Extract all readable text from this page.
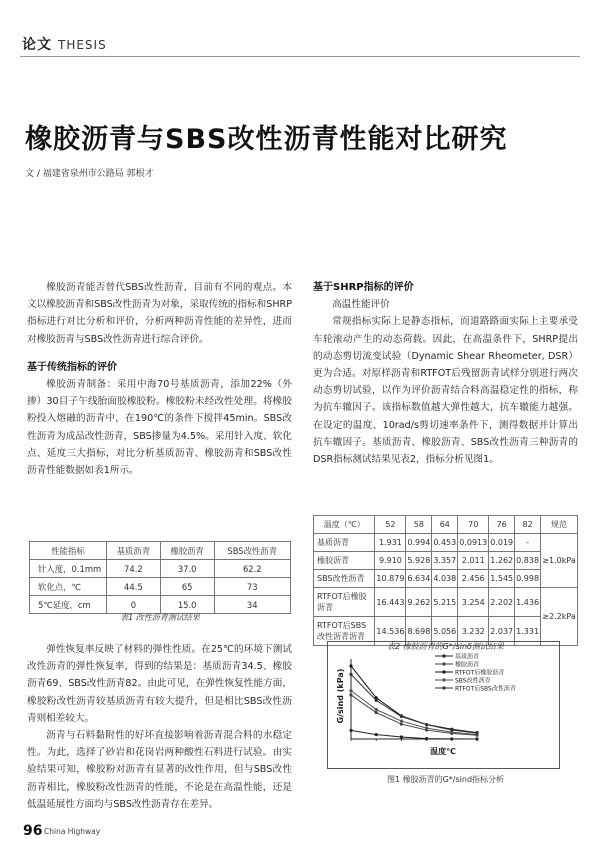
论文 THESIS
橡胶沥青与SBS改性沥青性能对比研究
文 / 福建省泉州市公路局 郭根才

橡胶沥青能否替代SBS改性沥青，目前有不同的观点。本文以橡胶沥青和SBS改性沥青为对象，采取传统的指标和SHRP指标进行对比分析和评价，分析两种沥青性能的差异性，进而对橡胶沥青与SBS改性沥青进行综合评价。

基于传统指标的评价

橡胶沥青制备：采用中海70号基质沥青，添加22%（外掺）30目子午线胎面胶橡胶粉。橡胶粉未经改性处理。将橡胶粉投入熔融的沥青中，在190℃的条件下搅拌45min。SBS改性沥青为成品改性沥青，SBS掺量为4.5%。采用针入度、软化点、延度三大指标，对比分析基质沥青、橡胶沥青和SBS改性沥青性能数据如表1所示。

性能指标	基质沥青	橡胶沥青	SBS改性沥青
针入度，0.1mm	74.2	37.0	62.2
软化点，℃	44.5	65	73
5℃延度，cm	0	15.0	34
表1 改性沥青测试结果

弹性恢复率反映了材料的弹性性质。在25℃的环境下测试改性沥青的弹性恢复率，得到的结果是：基质沥青34.5、橡胶沥青69、SBS改性沥青82。由此可见，在弹性恢复性能方面，橡胶粉改性沥青较基质沥青有较大提升，但是相比SBS改性沥青则相差较大。

沥青与石料黏附性的好坏直接影响着沥青混合料的水稳定性。为此，选择了砂岩和花岗岩两种酸性石料进行试验。由实验结果可知，橡胶粉对沥青有显著的改性作用，但与SBS改性沥青相比，橡胶粉改性沥青的性能，不论是在高温性能，还是低温延展性方面均与SBS改性沥青存在差异。

基于SHRP指标的评价
高温性能评价

常规指标实际上是静态指标，而道路路面实际上主要承受车轮滚动产生的动态荷载。因此，在高温条件下，SHRP提出的动态剪切流变试验（Dynamic Shear Rheometer, DSR）更为合适。对原样沥青和RTFOT后残留沥青试样分别进行两次动态剪切试验，以作为评价沥青结合料高温稳定性的指标，称为抗车辙因子。该指标数值越大弹性越大，抗车辙能力越强。在设定的温度、10rad/s剪切速率条件下，测得数据并计算出抗车辙因子。基质沥青、橡胶沥青、SBS改性沥青三种沥青的DSR指标测试结果见表2，指标分析见图1。

温度（℃）	52	58	64	70	76	82	规范
基质沥青	1.931	0.994	0.453	0.0913	0.019	-	≥1.0kPa
橡胶沥青	9.910	5.928	3.357	2.011	1.262	0.838	
SBS改性沥青	10.879	6.634	4.038	2.456	1.545	0.998	
RTFOT后橡胶沥青	16.443	9.262	5.215	3.254	2.202	1.436	≥2.2kPa
RTFOT后SBS改性沥青沥青	14.536	8.698	5.056	3.232	2.037	1.331	
表2 橡胶沥青的G*/sinδ测试结果
基质沥青
橡胶沥青
RTFOT后橡胶沥青
SBS改性沥青
RTFOT后SBS改性沥青
G/sind (kPa)
温度℃
图1 橡胶沥青的G*/sind指标分析
96 China Highway
